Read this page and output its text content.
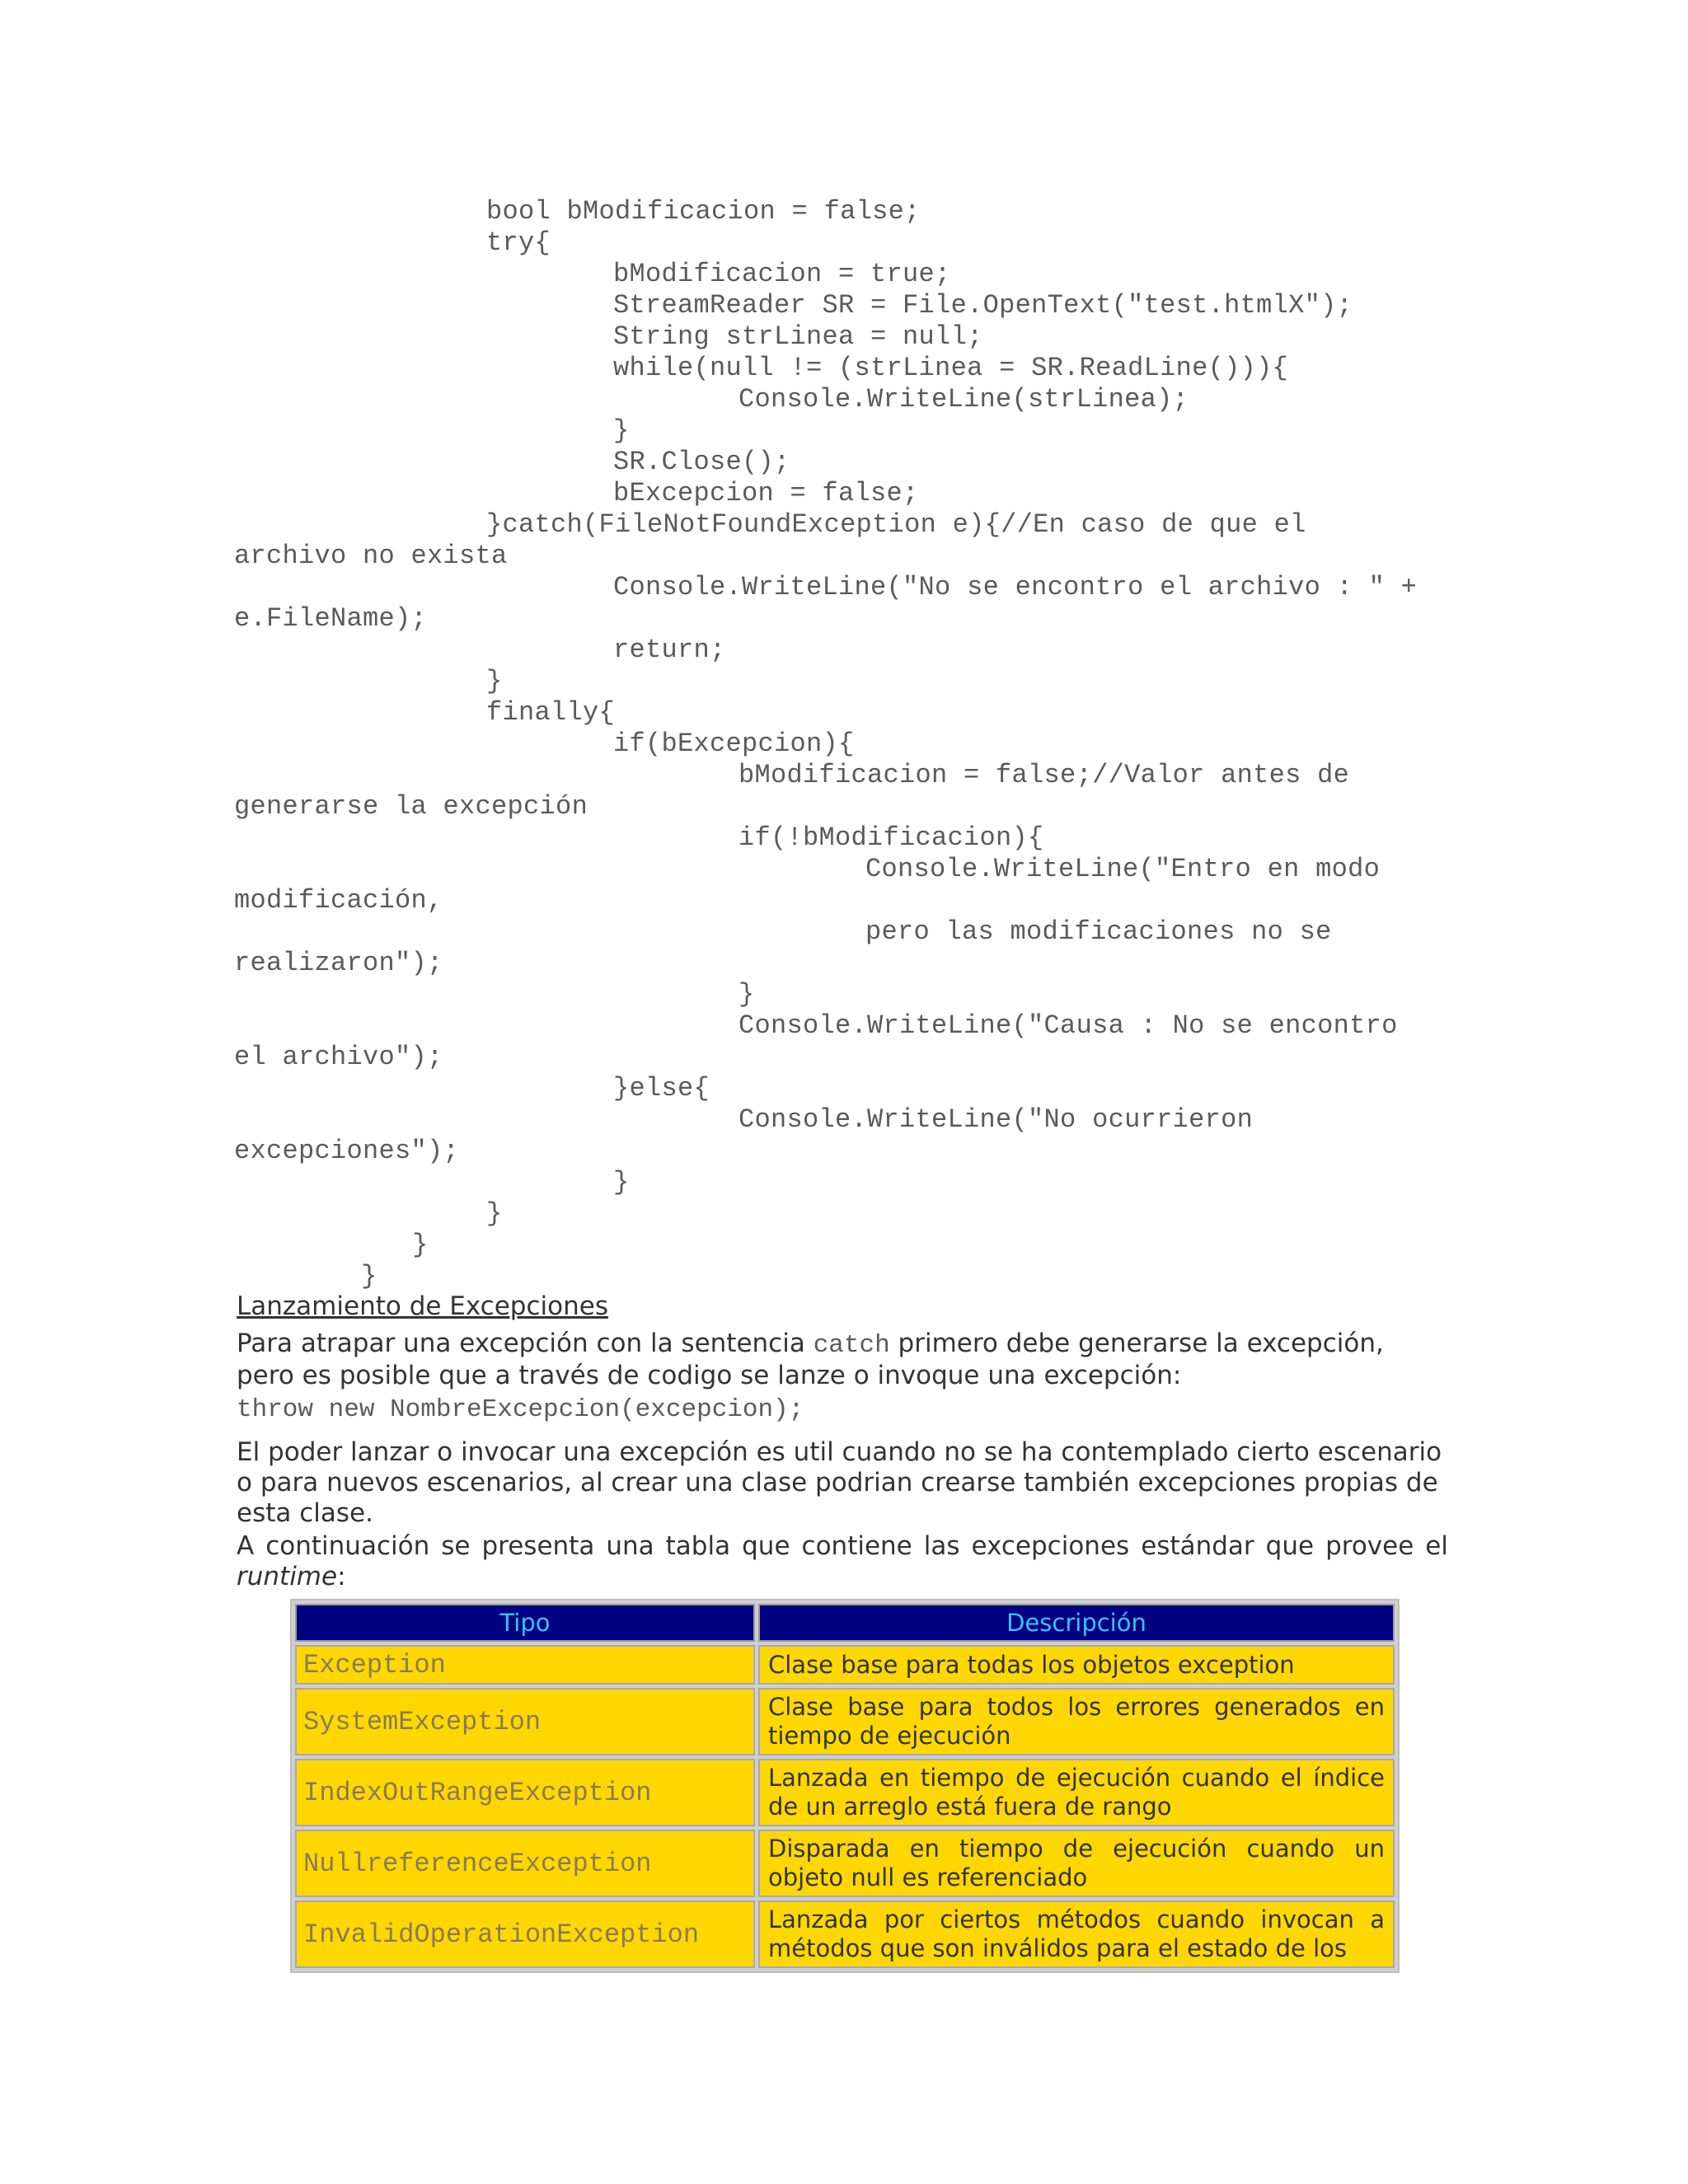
bool bModificacion = false;
try{
bModificacion = true;
StreamReader SR = File.OpenText("test.htmlX");
String strLinea = null;
while(null != (strLinea = SR.ReadLine())){
Console.WriteLine(strLinea);
}
SR.Close();
bExcepcion = false;
}catch(FileNotFoundException e){//En caso de que el
archivo no exista
Console.WriteLine("No se encontro el archivo : " +
e.FileName);
return;
}
finally{
if(bExcepcion){
bModificacion = false;//Valor antes de
generarse la excepción
if(!bModificacion){
Console.WriteLine("Entro en modo
modificación,
pero las modificaciones no se
realizaron");
}
Console.WriteLine("Causa : No se encontro
el archivo");
}else{
Console.WriteLine("No ocurrieron
excepciones");
}
}
}
}
Lanzamiento de Excepciones

Para atrapar una excepción con la sentencia catch primero debe generarse la excepción, pero es posible que a través de codigo se lanze o invoque una excepción:

throw new NombreExcepcion(excepcion);

El poder lanzar o invocar una excepción es util cuando no se ha contemplado cierto escenario o para nuevos escenarios, al crear una clase podrian crearse también excepciones propias de esta clase.

A continuación se presenta una tabla que contiene las excepciones estándar que provee el runtime:

Tipo	Descripción
Exception	Clase base para todas los objetos exception
SystemException	Clase base para todos los errores generados en tiempo de ejecución
IndexOutRangeException	Lanzada en tiempo de ejecución cuando el índice de un arreglo está fuera de rango
NullreferenceException	Disparada en tiempo de ejecución cuando un objeto null es referenciado
InvalidOperationException	Lanzada por ciertos métodos cuando invocan a métodos que son inválidos para el estado de los
